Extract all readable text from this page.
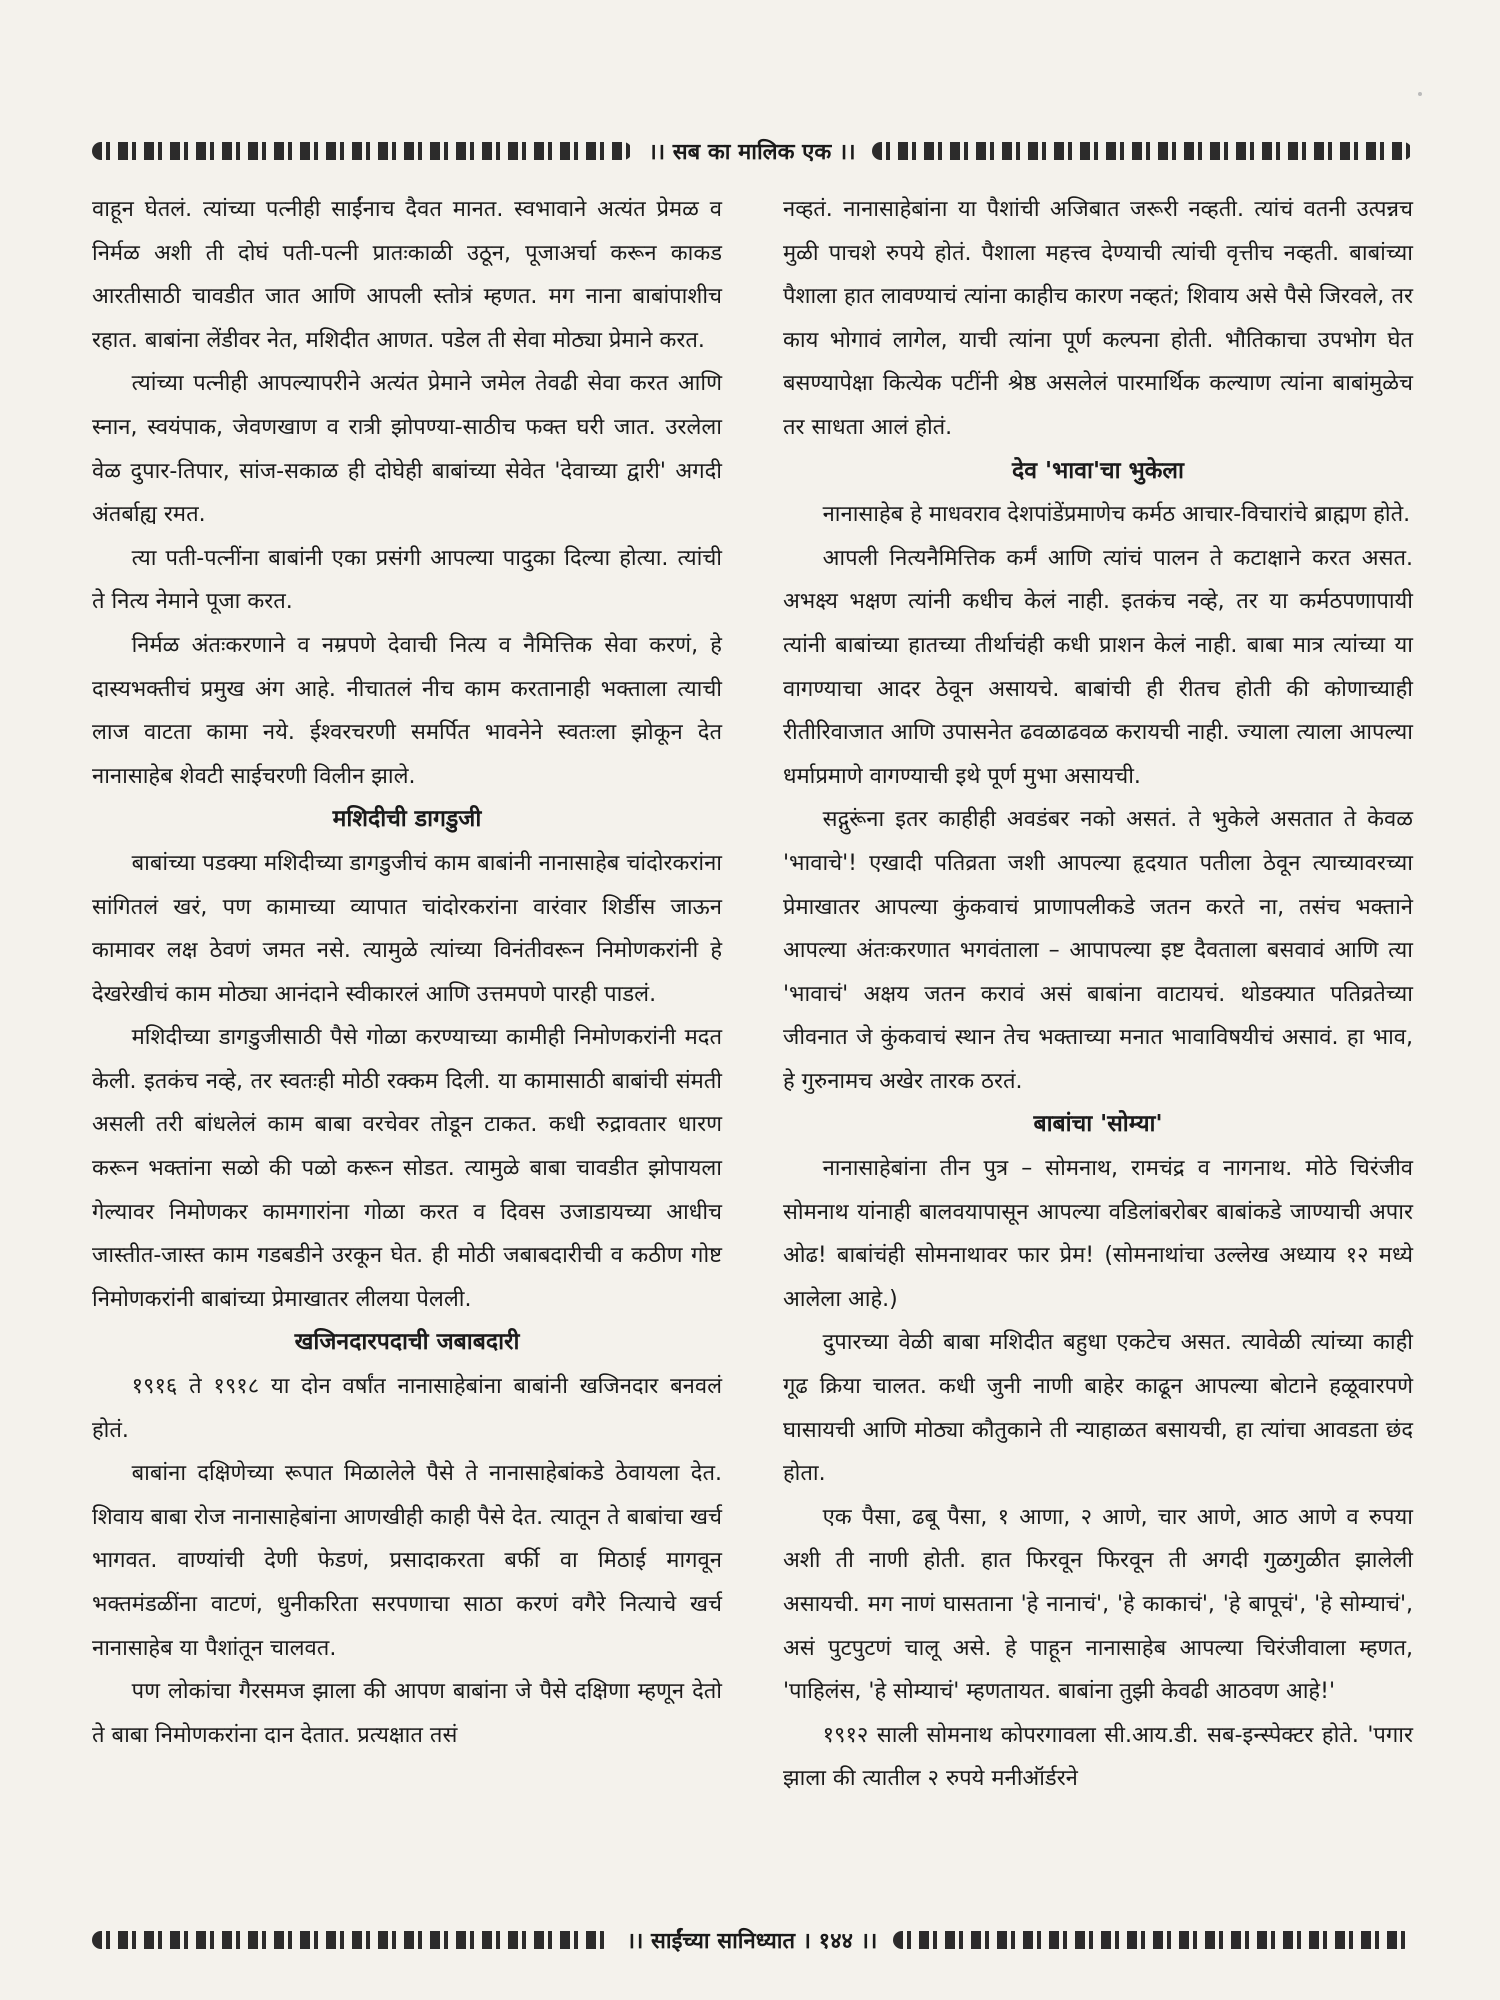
।। सब का मालिक एक ।।

वाहून घेतलं. त्यांच्या पत्नीही साईंनाच दैवत मानत. स्वभावाने अत्यंत प्रेमळ व निर्मळ अशी ती दोघं पती-पत्नी प्रातःकाळी उठून, पूजाअर्चा करून काकड आरतीसाठी चावडीत जात आणि आपली स्तोत्रं म्हणत. मग नाना बाबांपाशीच रहात. बाबांना लेंडीवर नेत, मशिदीत आणत. पडेल ती सेवा मोठ्या प्रेमाने करत.

त्यांच्या पत्नीही आपल्यापरीने अत्यंत प्रेमाने जमेल तेवढी सेवा करत आणि स्नान, स्वयंपाक, जेवणखाण व रात्री झोपण्या-साठीच फक्त घरी जात. उरलेला वेळ दुपार-तिपार, सांज-सकाळ ही दोघेही बाबांच्या सेवेत 'देवाच्या द्वारी' अगदी अंतर्बाह्य रमत.

त्या पती-पत्नींना बाबांनी एका प्रसंगी आपल्या पादुका दिल्या होत्या. त्यांची ते नित्य नेमाने पूजा करत.

निर्मळ अंतःकरणाने व नम्रपणे देवाची नित्य व नैमित्तिक सेवा करणं, हे दास्यभक्तीचं प्रमुख अंग आहे. नीचातलं नीच काम करतानाही भक्ताला त्याची लाज वाटता कामा नये. ईश्वरचरणी समर्पित भावनेने स्वतःला झोकून देत नानासाहेब शेवटी साईचरणी विलीन झाले.

मशिदीची डागडुजी

बाबांच्या पडक्या मशिदीच्या डागडुजीचं काम बाबांनी नानासाहेब चांदोरकरांना सांगितलं खरं, पण कामाच्या व्यापात चांदोरकरांना वारंवार शिर्डीस जाऊन कामावर लक्ष ठेवणं जमत नसे. त्यामुळे त्यांच्या विनंतीवरून निमोणकरांनी हे देखरेखीचं काम मोठ्या आनंदाने स्वीकारलं आणि उत्तमपणे पारही पाडलं.

मशिदीच्या डागडुजीसाठी पैसे गोळा करण्याच्या कामीही निमोणकरांनी मदत केली. इतकंच नव्हे, तर स्वतःही मोठी रक्कम दिली. या कामासाठी बाबांची संमती असली तरी बांधलेलं काम बाबा वरचेवर तोडून टाकत. कधी रुद्रावतार धारण करून भक्तांना सळो की पळो करून सोडत. त्यामुळे बाबा चावडीत झोपायला गेल्यावर निमोणकर कामगारांना गोळा करत व दिवस उजाडायच्या आधीच जास्तीत-जास्त काम गडबडीने उरकून घेत. ही मोठी जबाबदारीची व कठीण गोष्ट निमोणकरांनी बाबांच्या प्रेमाखातर लीलया पेलली.

खजिनदारपदाची जबाबदारी

१९१६ ते १९१८ या दोन वर्षांत नानासाहेबांना बाबांनी खजिनदार बनवलं होतं.

बाबांना दक्षिणेच्या रूपात मिळालेले पैसे ते नानासाहेबांकडे ठेवायला देत. शिवाय बाबा रोज नानासाहेबांना आणखीही काही पैसे देत. त्यातून ते बाबांचा खर्च भागवत. वाण्यांची देणी फेडणं, प्रसादाकरता बर्फी वा मिठाई मागवून भक्तमंडळींना वाटणं, धुनीकरिता सरपणाचा साठा करणं वगैरे नित्याचे खर्च नानासाहेब या पैशांतून चालवत.

पण लोकांचा गैरसमज झाला की आपण बाबांना जे पैसे दक्षिणा म्हणून देतो ते बाबा निमोणकरांना दान देतात. प्रत्यक्षात तसं

नव्हतं. नानासाहेबांना या पैशांची अजिबात जरूरी नव्हती. त्यांचं वतनी उत्पन्नच मुळी पाचशे रुपये होतं. पैशाला महत्त्व देण्याची त्यांची वृत्तीच नव्हती. बाबांच्या पैशाला हात लावण्याचं त्यांना काहीच कारण नव्हतं; शिवाय असे पैसे जिरवले, तर काय भोगावं लागेल, याची त्यांना पूर्ण कल्पना होती. भौतिकाचा उपभोग घेत बसण्यापेक्षा कित्येक पटींनी श्रेष्ठ असलेलं पारमार्थिक कल्याण त्यांना बाबांमुळेच तर साधता आलं होतं.

देव 'भावा'चा भुकेला

नानासाहेब हे माधवराव देशपांडेंप्रमाणेच कर्मठ आचार-विचारांचे ब्राह्मण होते.

आपली नित्यनैमित्तिक कर्मं आणि त्यांचं पालन ते कटाक्षाने करत असत. अभक्ष्य भक्षण त्यांनी कधीच केलं नाही. इतकंच नव्हे, तर या कर्मठपणापायी त्यांनी बाबांच्या हातच्या तीर्थाचंही कधी प्राशन केलं नाही. बाबा मात्र त्यांच्या या वागण्याचा आदर ठेवून असायचे. बाबांची ही रीतच होती की कोणाच्याही रीतीरिवाजात आणि उपासनेत ढवळाढवळ करायची नाही. ज्याला त्याला आपल्या धर्माप्रमाणे वागण्याची इथे पूर्ण मुभा असायची.

सद्गुरूंना इतर काहीही अवडंबर नको असतं. ते भुकेले असतात ते केवळ 'भावाचे'! एखादी पतिव्रता जशी आपल्या हृदयात पतीला ठेवून त्याच्यावरच्या प्रेमाखातर आपल्या कुंकवाचं प्राणापलीकडे जतन करते ना, तसंच भक्ताने आपल्या अंतःकरणात भगवंताला – आपापल्या इष्ट दैवताला बसवावं आणि त्या 'भावाचं' अक्षय जतन करावं असं बाबांना वाटायचं. थोडक्यात पतिव्रतेच्या जीवनात जे कुंकवाचं स्थान तेच भक्ताच्या मनात भावाविषयीचं असावं. हा भाव, हे गुरुनामच अखेर तारक ठरतं.

बाबांचा 'सोम्या'

नानासाहेबांना तीन पुत्र – सोमनाथ, रामचंद्र व नागनाथ. मोठे चिरंजीव सोमनाथ यांनाही बालवयापासून आपल्या वडिलांबरोबर बाबांकडे जाण्याची अपार ओढ! बाबांचंही सोमनाथावर फार प्रेम! (सोमनाथांचा उल्लेख अध्याय १२ मध्ये आलेला आहे.)

दुपारच्या वेळी बाबा मशिदीत बहुधा एकटेच असत. त्यावेळी त्यांच्या काही गूढ क्रिया चालत. कधी जुनी नाणी बाहेर काढून आपल्या बोटाने हळूवारपणे घासायची आणि मोठ्या कौतुकाने ती न्याहाळत बसायची, हा त्यांचा आवडता छंद होता.

एक पैसा, ढबू पैसा, १ आणा, २ आणे, चार आणे, आठ आणे व रुपया अशी ती नाणी होती. हात फिरवून फिरवून ती अगदी गुळगुळीत झालेली असायची. मग नाणं घासताना 'हे नानाचं', 'हे काकाचं', 'हे बापूचं', 'हे सोम्याचं', असं पुटपुटणं चालू असे. हे पाहून नानासाहेब आपल्या चिरंजीवाला म्हणत, 'पाहिलंस, 'हे सोम्याचं' म्हणतायत. बाबांना तुझी केवढी आठवण आहे!'

१९१२ साली सोमनाथ कोपरगावला सी.आय.डी. सब-इन्स्पेक्टर होते. 'पगार झाला की त्यातील २ रुपये मनीऑर्डरने

।। साईंच्या सानिध्यात । १४४ ।।
